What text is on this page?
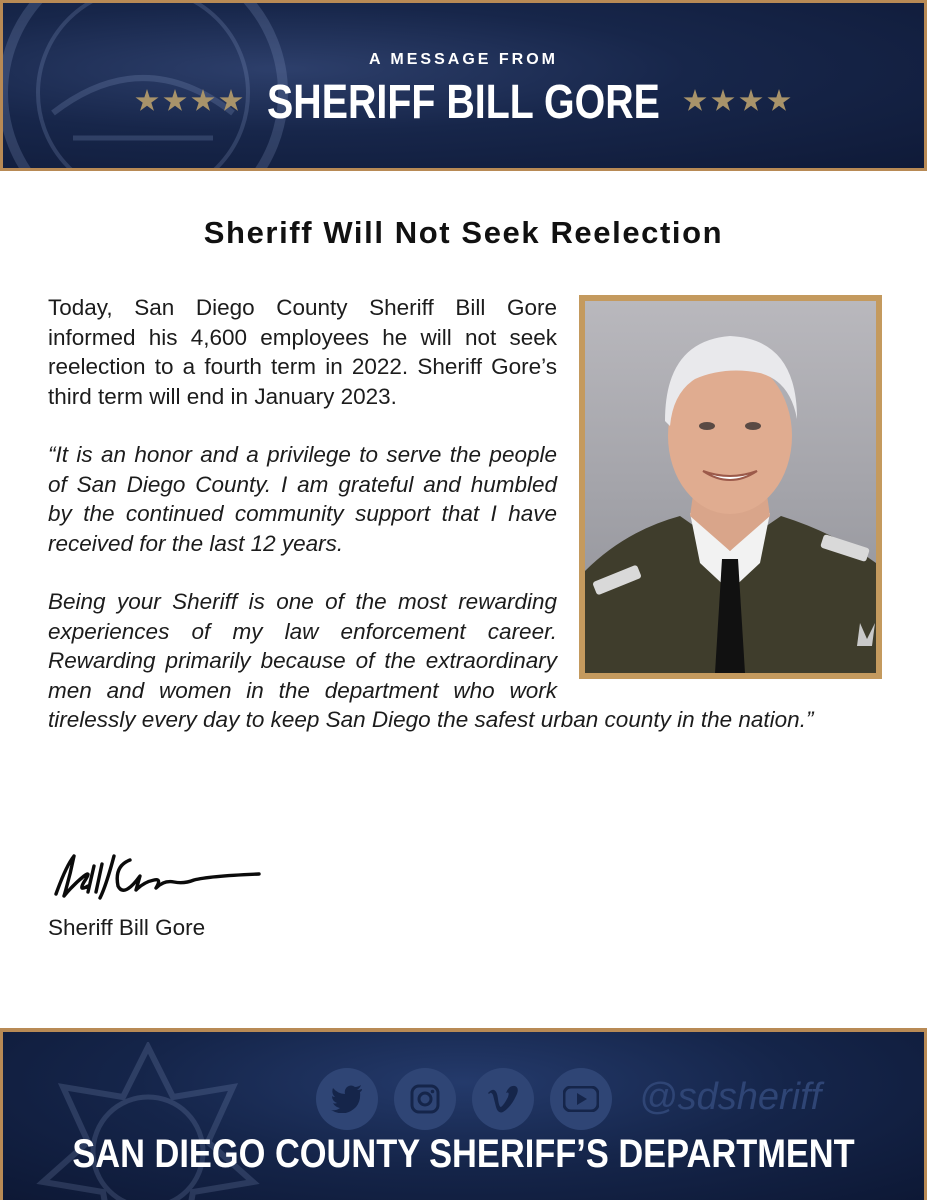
A MESSAGE FROM
SHERIFF BILL GORE
Sheriff Will Not Seek Reelection

Today, San Diego County Sheriff Bill Gore informed his 4,600 employees he will not seek reelection to a fourth term in 2022. Sheriff Gore’s third term will end in January 2023.

“It is an honor and a privilege to serve the people of San Diego County. I am grateful and humbled by the continued community support that I have received for the last 12 years.

Being your Sheriff is one of the most rewarding experiences of my law enforcement career. Rewarding primarily because of the extraordinary men and women in the department who work tirelessly every day to keep San Diego the safest urban county in the nation.”

Sheriff Bill Gore
@sdsheriff
SAN DIEGO COUNTY SHERIFF’S DEPARTMENT
